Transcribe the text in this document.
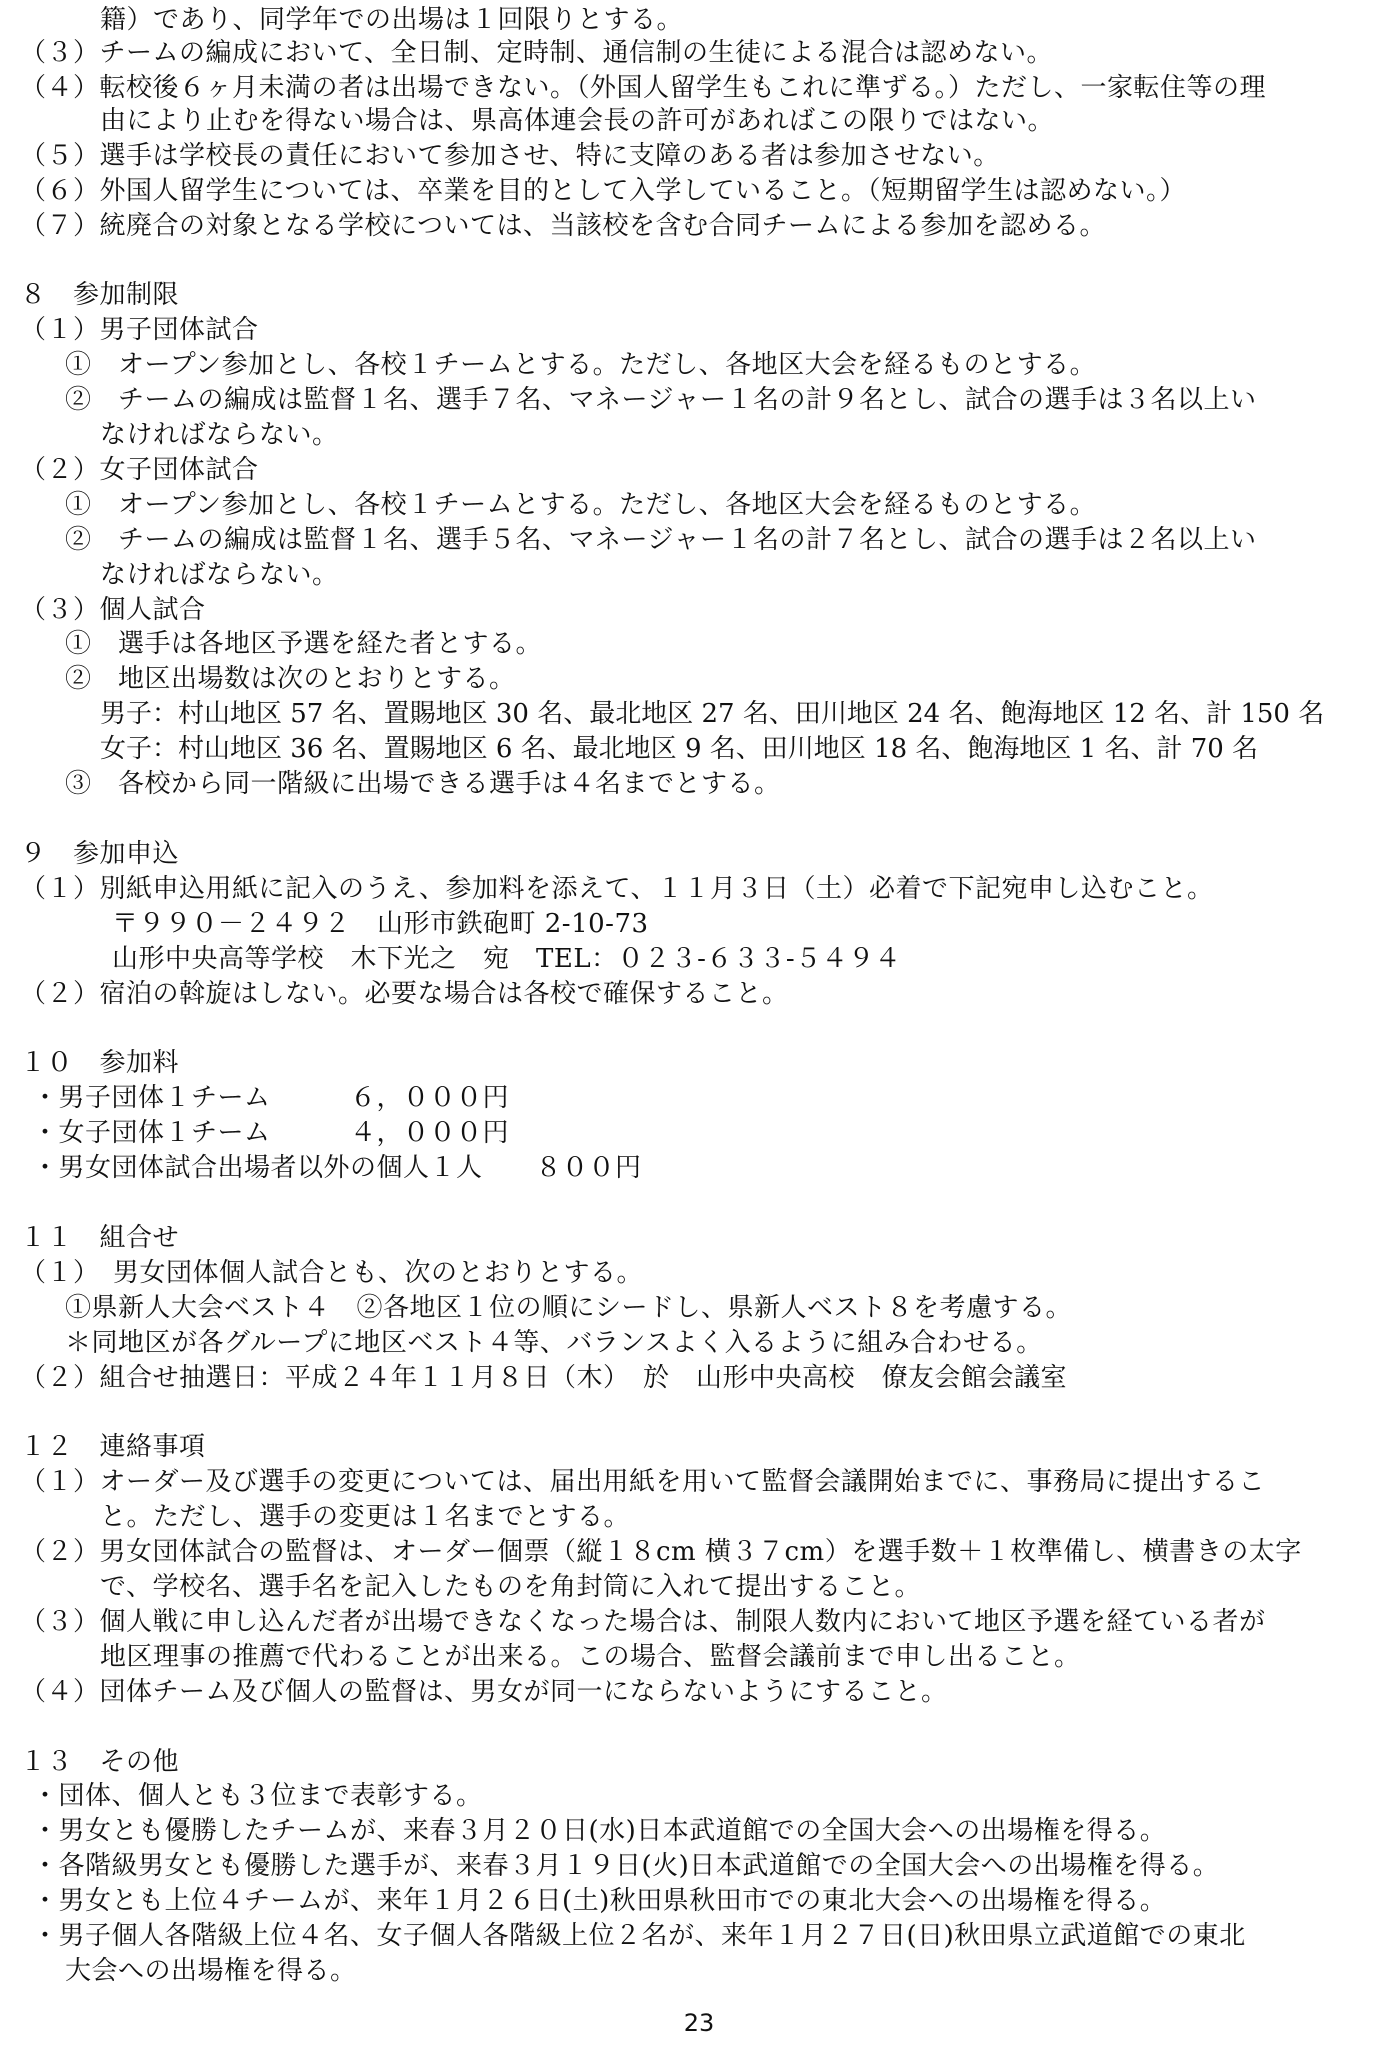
籍）であり、同学年での出場は１回限りとする。
（３）チームの編成において、全日制、定時制、通信制の生徒による混合は認めない。
（４）転校後６ヶ月未満の者は出場できない。（外国人留学生もこれに準ずる。）ただし、一家転住等の理
由により止むを得ない場合は、県高体連会長の許可があればこの限りではない。
（５）選手は学校長の責任において参加させ、特に支障のある者は参加させない。
（６）外国人留学生については、卒業を目的として入学していること。（短期留学生は認めない。）
（７）統廃合の対象となる学校については、当該校を含む合同チームによる参加を認める。
８　参加制限
（１）男子団体試合
①　オープン参加とし、各校１チームとする。ただし、各地区大会を経るものとする。
②　チームの編成は監督１名、選手７名、マネージャー１名の計９名とし、試合の選手は３名以上い
なければならない。
（２）女子団体試合
①　オープン参加とし、各校１チームとする。ただし、各地区大会を経るものとする。
②　チームの編成は監督１名、選手５名、マネージャー１名の計７名とし、試合の選手は２名以上い
なければならない。
（３）個人試合
①　選手は各地区予選を経た者とする。
②　地区出場数は次のとおりとする。
男子：村山地区 57 名、置賜地区 30 名、最北地区 27 名、田川地区 24 名、飽海地区 12 名、計 150 名
女子：村山地区 36 名、置賜地区 6 名、最北地区 9 名、田川地区 18 名、飽海地区 1 名、計 70 名
③　各校から同一階級に出場できる選手は４名までとする。
９　参加申込
（１）別紙申込用紙に記入のうえ、参加料を添えて、１１月３日（土）必着で下記宛申し込むこと。
〒９９０－２４９２　山形市鉄砲町 2-10-73
山形中央高等学校　木下光之　宛　TEL：０２３-６３３-５４９４
（２）宿泊の斡旋はしない。必要な場合は各校で確保すること。
１０　参加料
・男子団体１チーム　　　６，０００円
・女子団体１チーム　　　４，０００円
・男女団体試合出場者以外の個人１人　　８００円
１１　組合せ
（１）　男女団体個人試合とも、次のとおりとする。
①県新人大会ベスト４　②各地区１位の順にシードし、県新人ベスト８を考慮する。
＊同地区が各グループに地区ベスト４等、バランスよく入るように組み合わせる。
（２）組合せ抽選日：平成２４年１１月８日（木）　於　山形中央高校　僚友会館会議室
１２　連絡事項
（１）オーダー及び選手の変更については、届出用紙を用いて監督会議開始までに、事務局に提出するこ
と。ただし、選手の変更は１名までとする。
（２）男女団体試合の監督は、オーダー個票（縦１８cm 横３７cm）を選手数＋１枚準備し、横書きの太字
で、学校名、選手名を記入したものを角封筒に入れて提出すること。
（３）個人戦に申し込んだ者が出場できなくなった場合は、制限人数内において地区予選を経ている者が
地区理事の推薦で代わることが出来る。この場合、監督会議前まで申し出ること。
（４）団体チーム及び個人の監督は、男女が同一にならないようにすること。
１３　その他
・団体、個人とも３位まで表彰する。
・男女とも優勝したチームが、来春３月２０日(水)日本武道館での全国大会への出場権を得る。
・各階級男女とも優勝した選手が、来春３月１９日(火)日本武道館での全国大会への出場権を得る。
・男女とも上位４チームが、来年１月２６日(土)秋田県秋田市での東北大会への出場権を得る。
・男子個人各階級上位４名、女子個人各階級上位２名が、来年１月２７日(日)秋田県立武道館での東北
大会への出場権を得る。
23
